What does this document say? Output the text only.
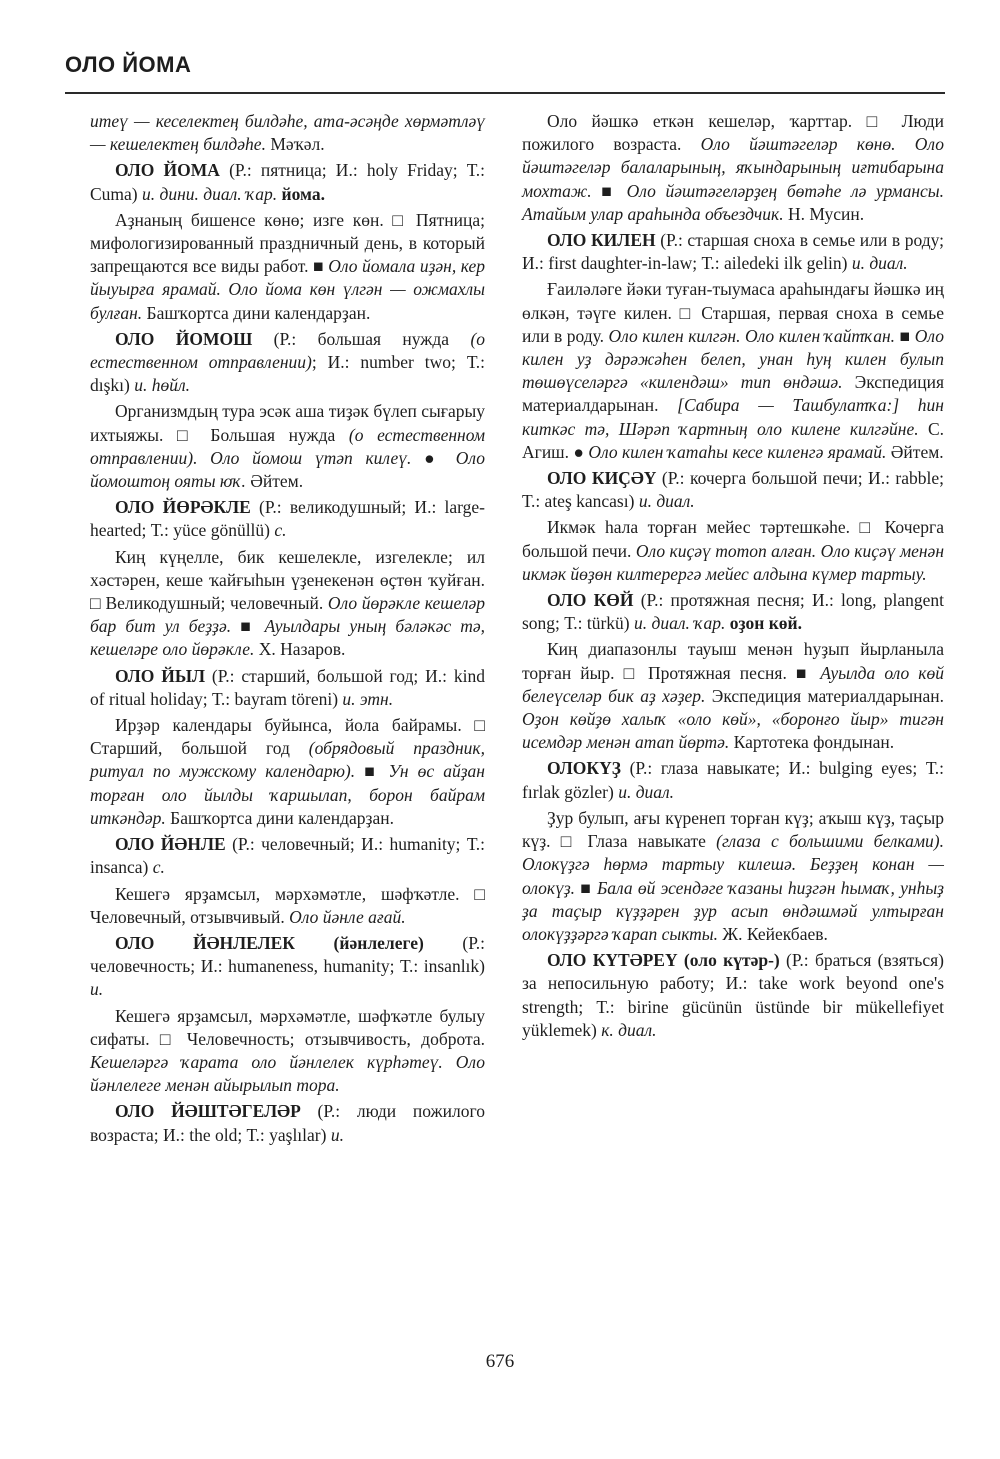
ОЛО ЙОМА

итеү — кеселектең билдәhе, ата-әсәңде хөрмәтләү — кешелектең билдәhе. Мәҡәл.

ОЛО ЙОМА (Р.: пятница; И.: holy Friday; Т.: Cuma) и. дини. диал. ҡар. йома.

Аҙнаның бишенсе көнө; изге көн. □ Пятница; мифологизированный праздничный день, в который запрещаются все виды работ. ■ Оло йомала иҙән, кер йыуырға ярамай. Оло йома көн үлгән — ожмахлы булған. Башҡортса дини календарҙан.

ОЛО ЙОМОШ (Р.: большая нужда (о естественном отправлении); И.: number two; Т.: dışkı) и. hөйл.

Организмдың тура эсәк аша тиҙәк бүлеп сығарыу ихтыяжы. □ Большая нужда (о естественном отправлении). Оло йомош үтәп килеү. ● Оло йомоштоң ояты юҡ. Әйтем.

ОЛО ЙӨРӘКЛЕ (Р.: великодушный; И.: large-hearted; Т.: yüce gönüllü) с.

Киң күңелле, бик кешелекле, изгелекле; ил хәстәрен, кеше ҡайғыhын үҙенекенән өҫтөн ҡуйған. □ Великодушный; человечный. Оло йөрәкле кешеләр бар бит ул беҙҙә. ■ Ауылдары уның бәләкәс тә, кешеләре оло йөрәкле. Х. Назаров.

ОЛО ЙЫЛ (Р.: старший, большой год; И.: kind of ritual holiday; Т.: bayram töreni) и. этн.

Ирҙәр календары буйынса, йола байрамы. □ Старший, большой год (обрядовый праздник, ритуал по мужскому календарю). ■ Ун өс айҙан торған оло йылды ҡаршылап, борон байрам иткәндәр. Башҡортса дини календарҙан.

ОЛО ЙӘНЛЕ (Р.: человечный; И.: humanity; Т.: insanca) с.

Кешегә ярҙамсыл, мәрхәмәтле, шәфҡәтле. □ Человечный, отзывчивый. Оло йәнле ағай.

ОЛО ЙӘНЛЕЛЕК (йәнлелеге) (Р.: человечность; И.: humaneness, humanity; Т.: insanlık) и.

Кешегә ярҙамсыл, мәрхәмәтле, шәфҡәтле булыу сифаты. □ Человечность; отзывчивость, доброта. Кешеләргә ҡарата оло йәнлелек күрhәтеү. Оло йәнлелеге менән айырылып тора.

ОЛО ЙӘШТӘГЕЛӘР (Р.: люди пожилого возраста; И.: the old; Т.: yaşlılar) и.

Оло йәшкә еткән кешеләр, ҡарттар. □ Люди пожилого возраста. Оло йәштәгеләр көнө. Оло йәштәгеләр балаларының, яҡындарының иғтибарына мохтаж. ■ Оло йәштәгеләрҙең бөтәhе лә урмансы. Атайым улар араhында объездчик. Н. Мусин.

ОЛО КИЛЕН (Р.: старшая сноха в семье или в роду; И.: first daughter-in-law; Т.: ailedeki ilk gelin) и. диал.

Ғаиләләге йәки туған-тыумаса араhындағы йәшкә иң өлкән, тәүге килен. □ Старшая, первая сноха в семье или в роду. Оло килен килгән. Оло килен ҡайтҡан. ■ Оло килен уҙ дәрәжәhен белеп, унан hуң килен булып төшөүселәргә «килендәш» тип өндәшә. Экспедиция материалдарынан. [Сабира — Ташбулатҡа:] hин киткәс тә, Шәрәп ҡартның оло килене килгәйне. С. Агиш. ● Оло килен ҡатаhы кесе киленгә ярамай. Әйтем.

ОЛО КИҪӘҮ (Р.: кочерга большой печи; И.: rabble; Т.: ateş kancası) и. диал.

Икмәк hала торған мейес тәртешкәhе. □ Кочерга большой печи. Оло киҫәү тотоп алған. Оло киҫәү менән икмәк йөҙөн килтерергә мейес алдына күмер тартыу.

ОЛО КӨЙ (Р.: протяжная песня; И.: long, plangent song; Т.: türkü) и. диал. ҡар. оҙон көй.

Киң диапазонлы тауыш менән hуҙып йырланыла торған йыр. □ Протяжная песня. ■ Ауылда оло көй белеүселәр бик аҙ хәҙер. Экспедиция материалдарынан. Оҙон көйҙө халыҡ «оло көй», «боронғо йыр» тигән исемдәр менән атап йөртә. Картотека фондынан.

ОЛОКҮҘ (Р.: глаза навыкате; И.: bulging eyes; Т.: fırlak gözler) и. диал.

Ҙур булып, ағы күренеп торған күҙ; аҡыш күҙ, таҫыр күҙ. □ Глаза навыкате (глаза с большими белками). Олокүҙгә hөрмә тартыу килешә. Беҙҙең конан — олокүҙ. ■ Бала өй эсендәге ҡазаны hиҙгән hымаҡ, унhыҙ ҙа таҫыр күҙҙәрен ҙур асып өндәшмәй ултырған олокүҙҙәргә ҡарап сыкты. Ж. Кейекбаев.

ОЛО КҮТӘРЕҮ (оло күтәр-) (Р.: браться (взяться) за непосильную работу; И.: take work beyond one's strength; Т.: birine gücünün üstünde bir mükellefiyet yüklemek) к. диал.

676
